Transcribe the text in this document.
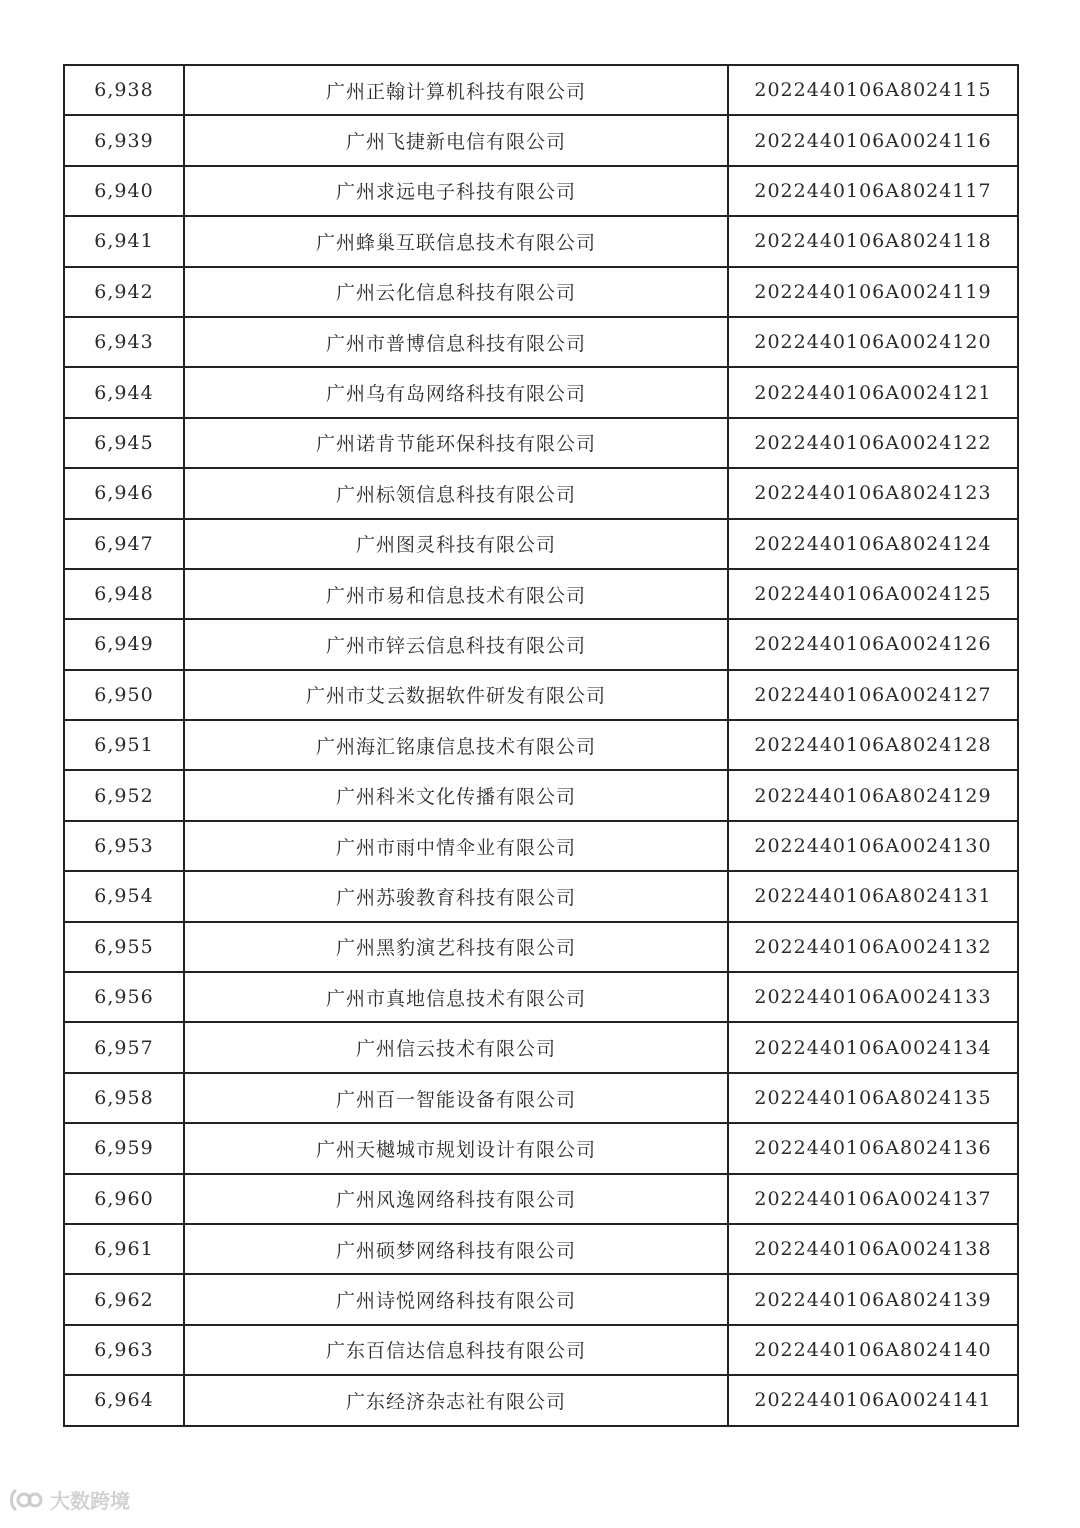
6,938	广州正翰计算机科技有限公司	2022440106A8024115
6,939	广州飞捷新电信有限公司	2022440106A0024116
6,940	广州求远电子科技有限公司	2022440106A8024117
6,941	广州蜂巢互联信息技术有限公司	2022440106A8024118
6,942	广州云化信息科技有限公司	2022440106A0024119
6,943	广州市普博信息科技有限公司	2022440106A0024120
6,944	广州乌有岛网络科技有限公司	2022440106A0024121
6,945	广州诺肯节能环保科技有限公司	2022440106A0024122
6,946	广州标领信息科技有限公司	2022440106A8024123
6,947	广州图灵科技有限公司	2022440106A8024124
6,948	广州市易和信息技术有限公司	2022440106A0024125
6,949	广州市锌云信息科技有限公司	2022440106A0024126
6,950	广州市艾云数据软件研发有限公司	2022440106A0024127
6,951	广州海汇铭康信息技术有限公司	2022440106A8024128
6,952	广州科米文化传播有限公司	2022440106A8024129
6,953	广州市雨中情伞业有限公司	2022440106A0024130
6,954	广州苏骏教育科技有限公司	2022440106A8024131
6,955	广州黑豹演艺科技有限公司	2022440106A0024132
6,956	广州市真地信息技术有限公司	2022440106A0024133
6,957	广州信云技术有限公司	2022440106A0024134
6,958	广州百一智能设备有限公司	2022440106A8024135
6,959	广州天樾城市规划设计有限公司	2022440106A8024136
6,960	广州风逸网络科技有限公司	2022440106A0024137
6,961	广州硕梦网络科技有限公司	2022440106A0024138
6,962	广州诗悦网络科技有限公司	2022440106A8024139
6,963	广东百信达信息科技有限公司	2022440106A8024140
6,964	广东经济杂志社有限公司	2022440106A0024141
大数跨境
